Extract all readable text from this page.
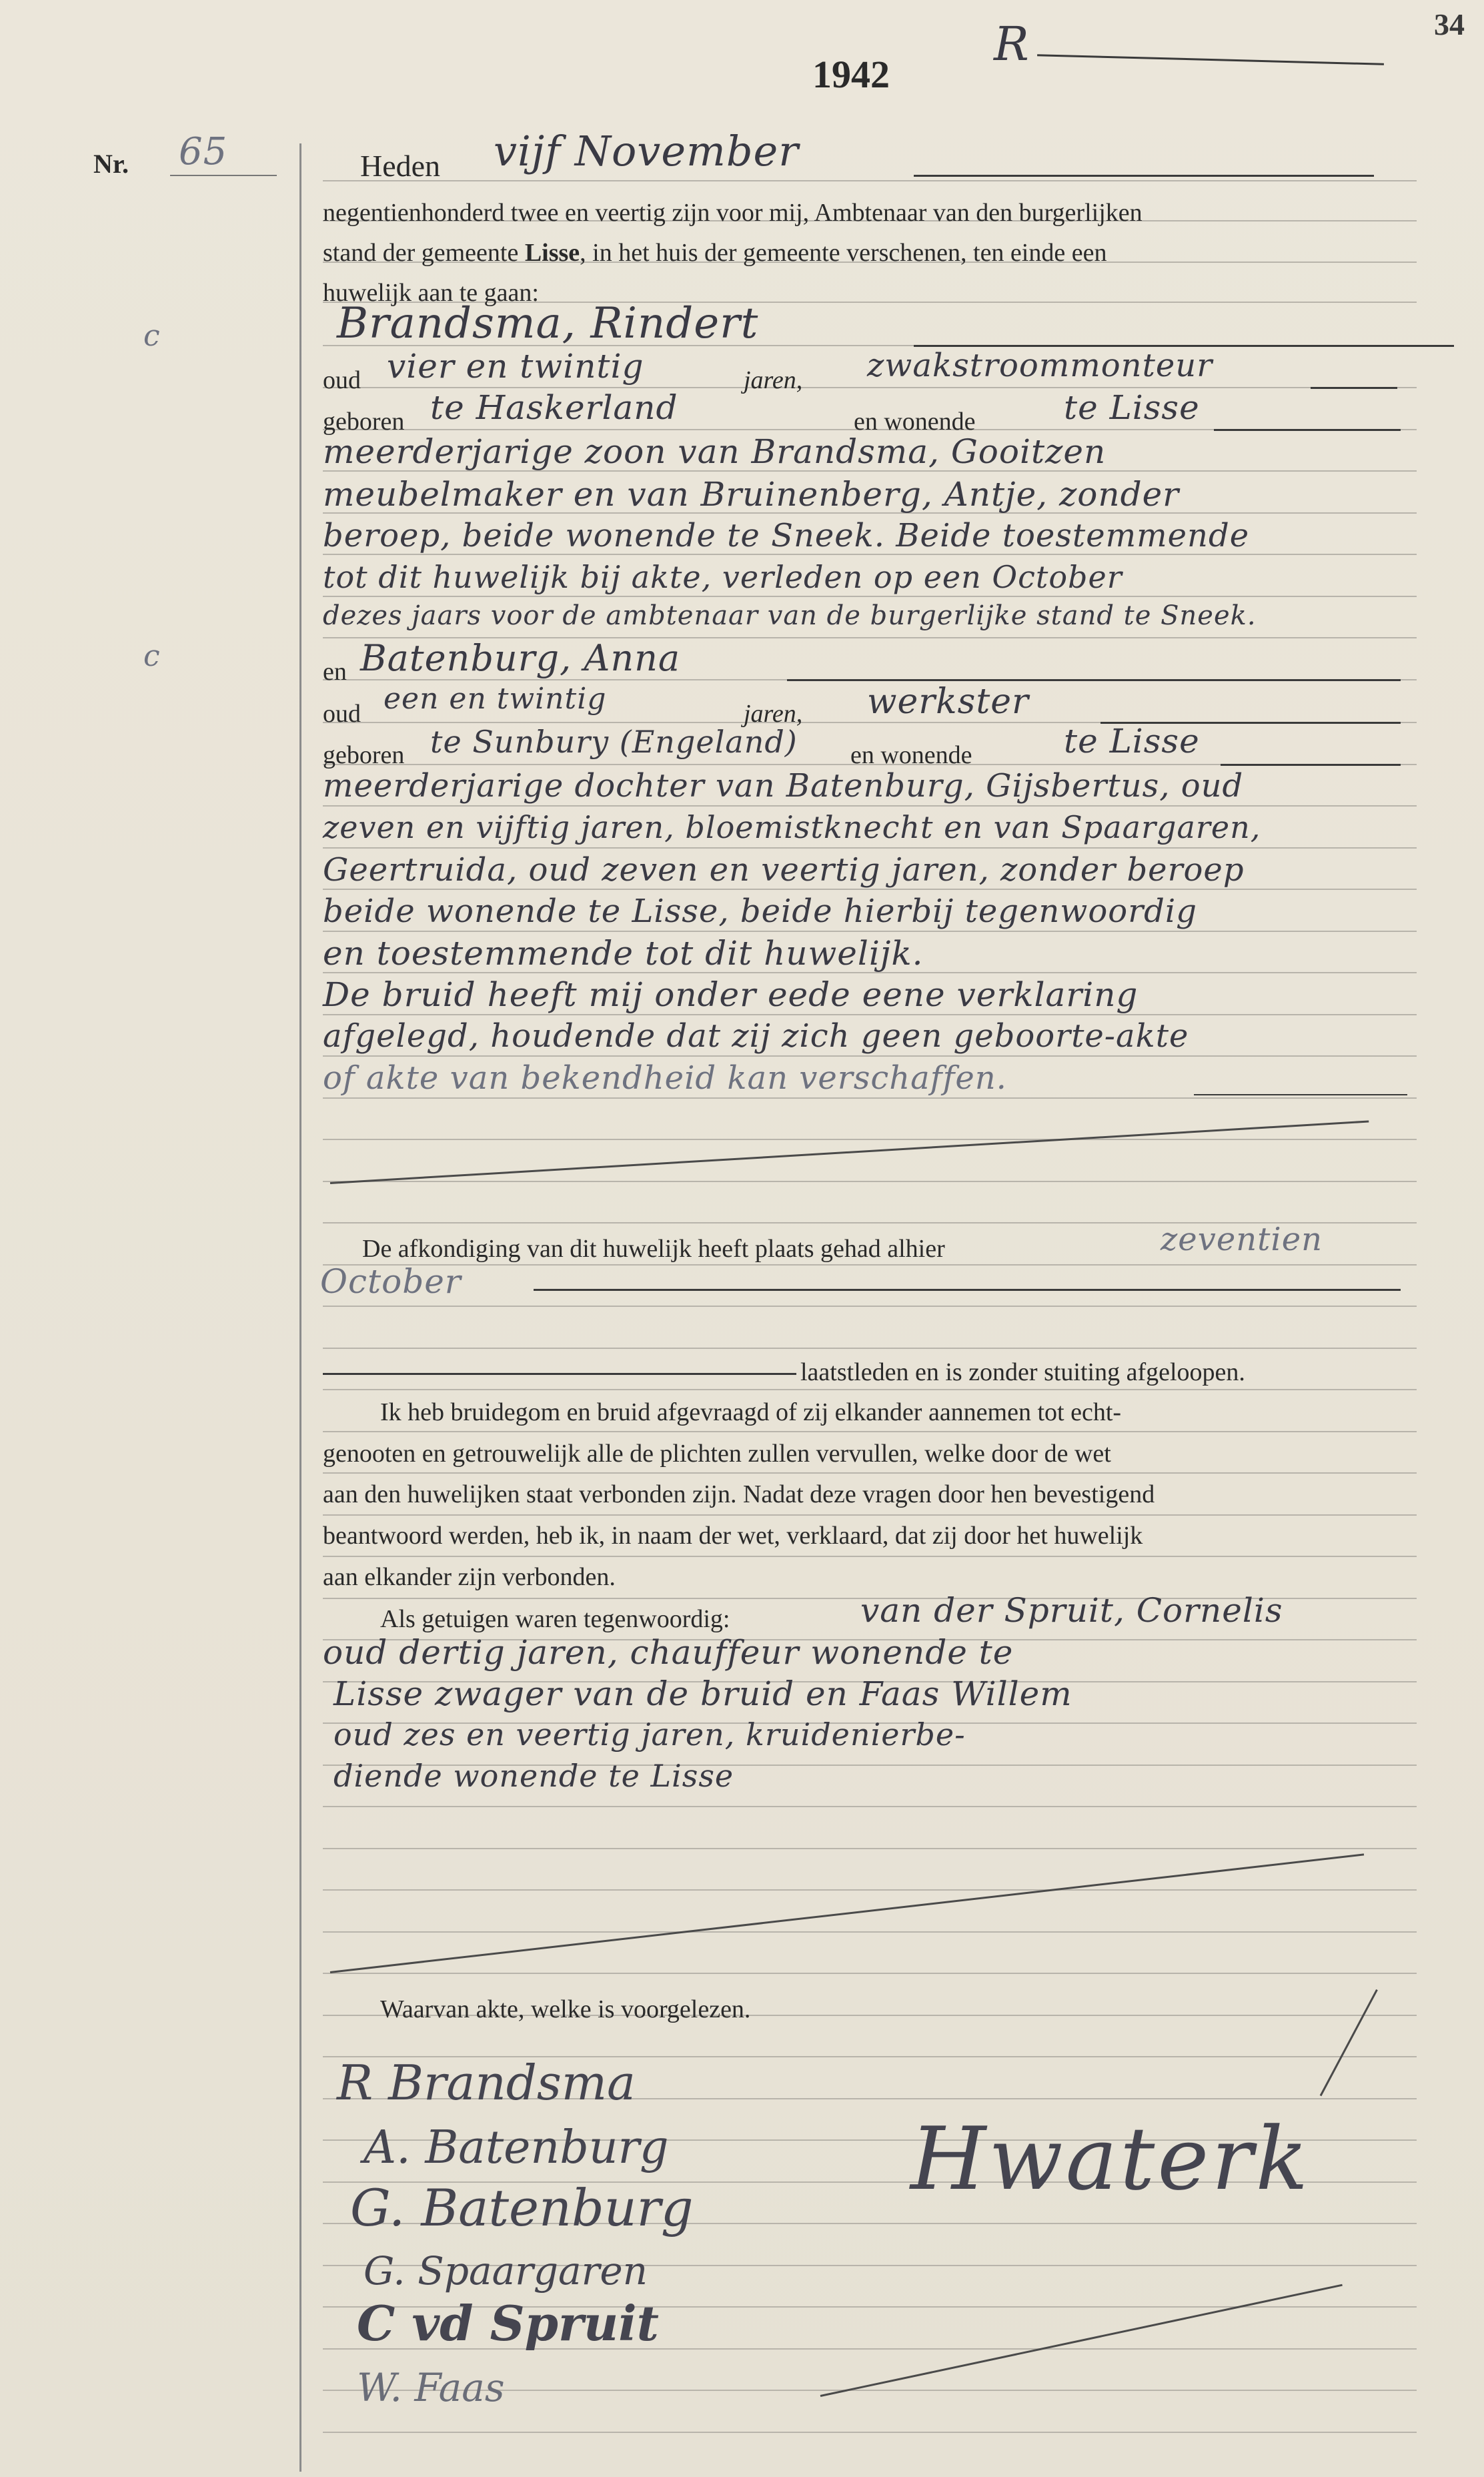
1942
R	34
Nr. 65
c
c
Heden vijf November
negentienhonderd twee en veertig zijn voor mij, Ambtenaar van den burgerlijken
stand der gemeente Lisse, in het huis der gemeente verschenen, ten einde een
huwelijk aan te gaan:
Brandsma, Rindert
oud vier en twintig	jaren, zwakstroommonteur
geboren te Haskerland	en wonende	te Lisse
meerderjarige zoon van Brandsma, Gooitzen
meubelmaker en van Bruinenberg, Antje, zonder
beroep, beide wonende te Sneek. Beide toestemmende
tot dit huwelijk bij akte, verleden op een October
dezes jaars voor de ambtenaar van de burgerlijke stand te Sneek.
en Batenburg, Anna
oud een en twintig	jaren, werkster
geboren te Sunbury (Engeland) en wonende	te Lisse
meerderjarige dochter van Batenburg, Gijsbertus, oud
zeven en vijftig jaren, bloemistknecht en van Spaargaren,
Geertruida, oud zeven en veertig jaren, zonder beroep
beide wonende te Lisse, beide hierbij tegenwoordig
en toestemmende tot dit huwelijk.
De bruid heeft mij onder eede eene verklaring
afgelegd, houdende dat zij zich geen geboorte-akte
of akte van bekendheid kan verschaffen.
De afkondiging van dit huwelijk heeft plaats gehad alhier	zeventien
October
laatstleden en is zonder stuiting afgeloopen.
Ik heb bruidegom en bruid afgevraagd of zij elkander aannemen tot echt-
genooten en getrouwelijk alle de plichten zullen vervullen, welke door de wet
aan den huwelijken staat verbonden zijn. Nadat deze vragen door hen bevestigend
beantwoord werden, heb ik, in naam der wet, verklaard, dat zij door het huwelijk
aan elkander zijn verbonden.
Als getuigen waren tegenwoordig:	van der Spruit, Cornelis
oud dertig jaren, chauffeur wonende te
Lisse zwager van de bruid en Faas Willem
oud zes en veertig jaren, kruidenierbe-
diende wonende te Lisse
Waarvan akte, welke is voorgelezen.
R Brandsma
A. Batenburg
G. Batenburg
G. Spaargaren
C vd Spruit
W. Faas
Hwaterk
